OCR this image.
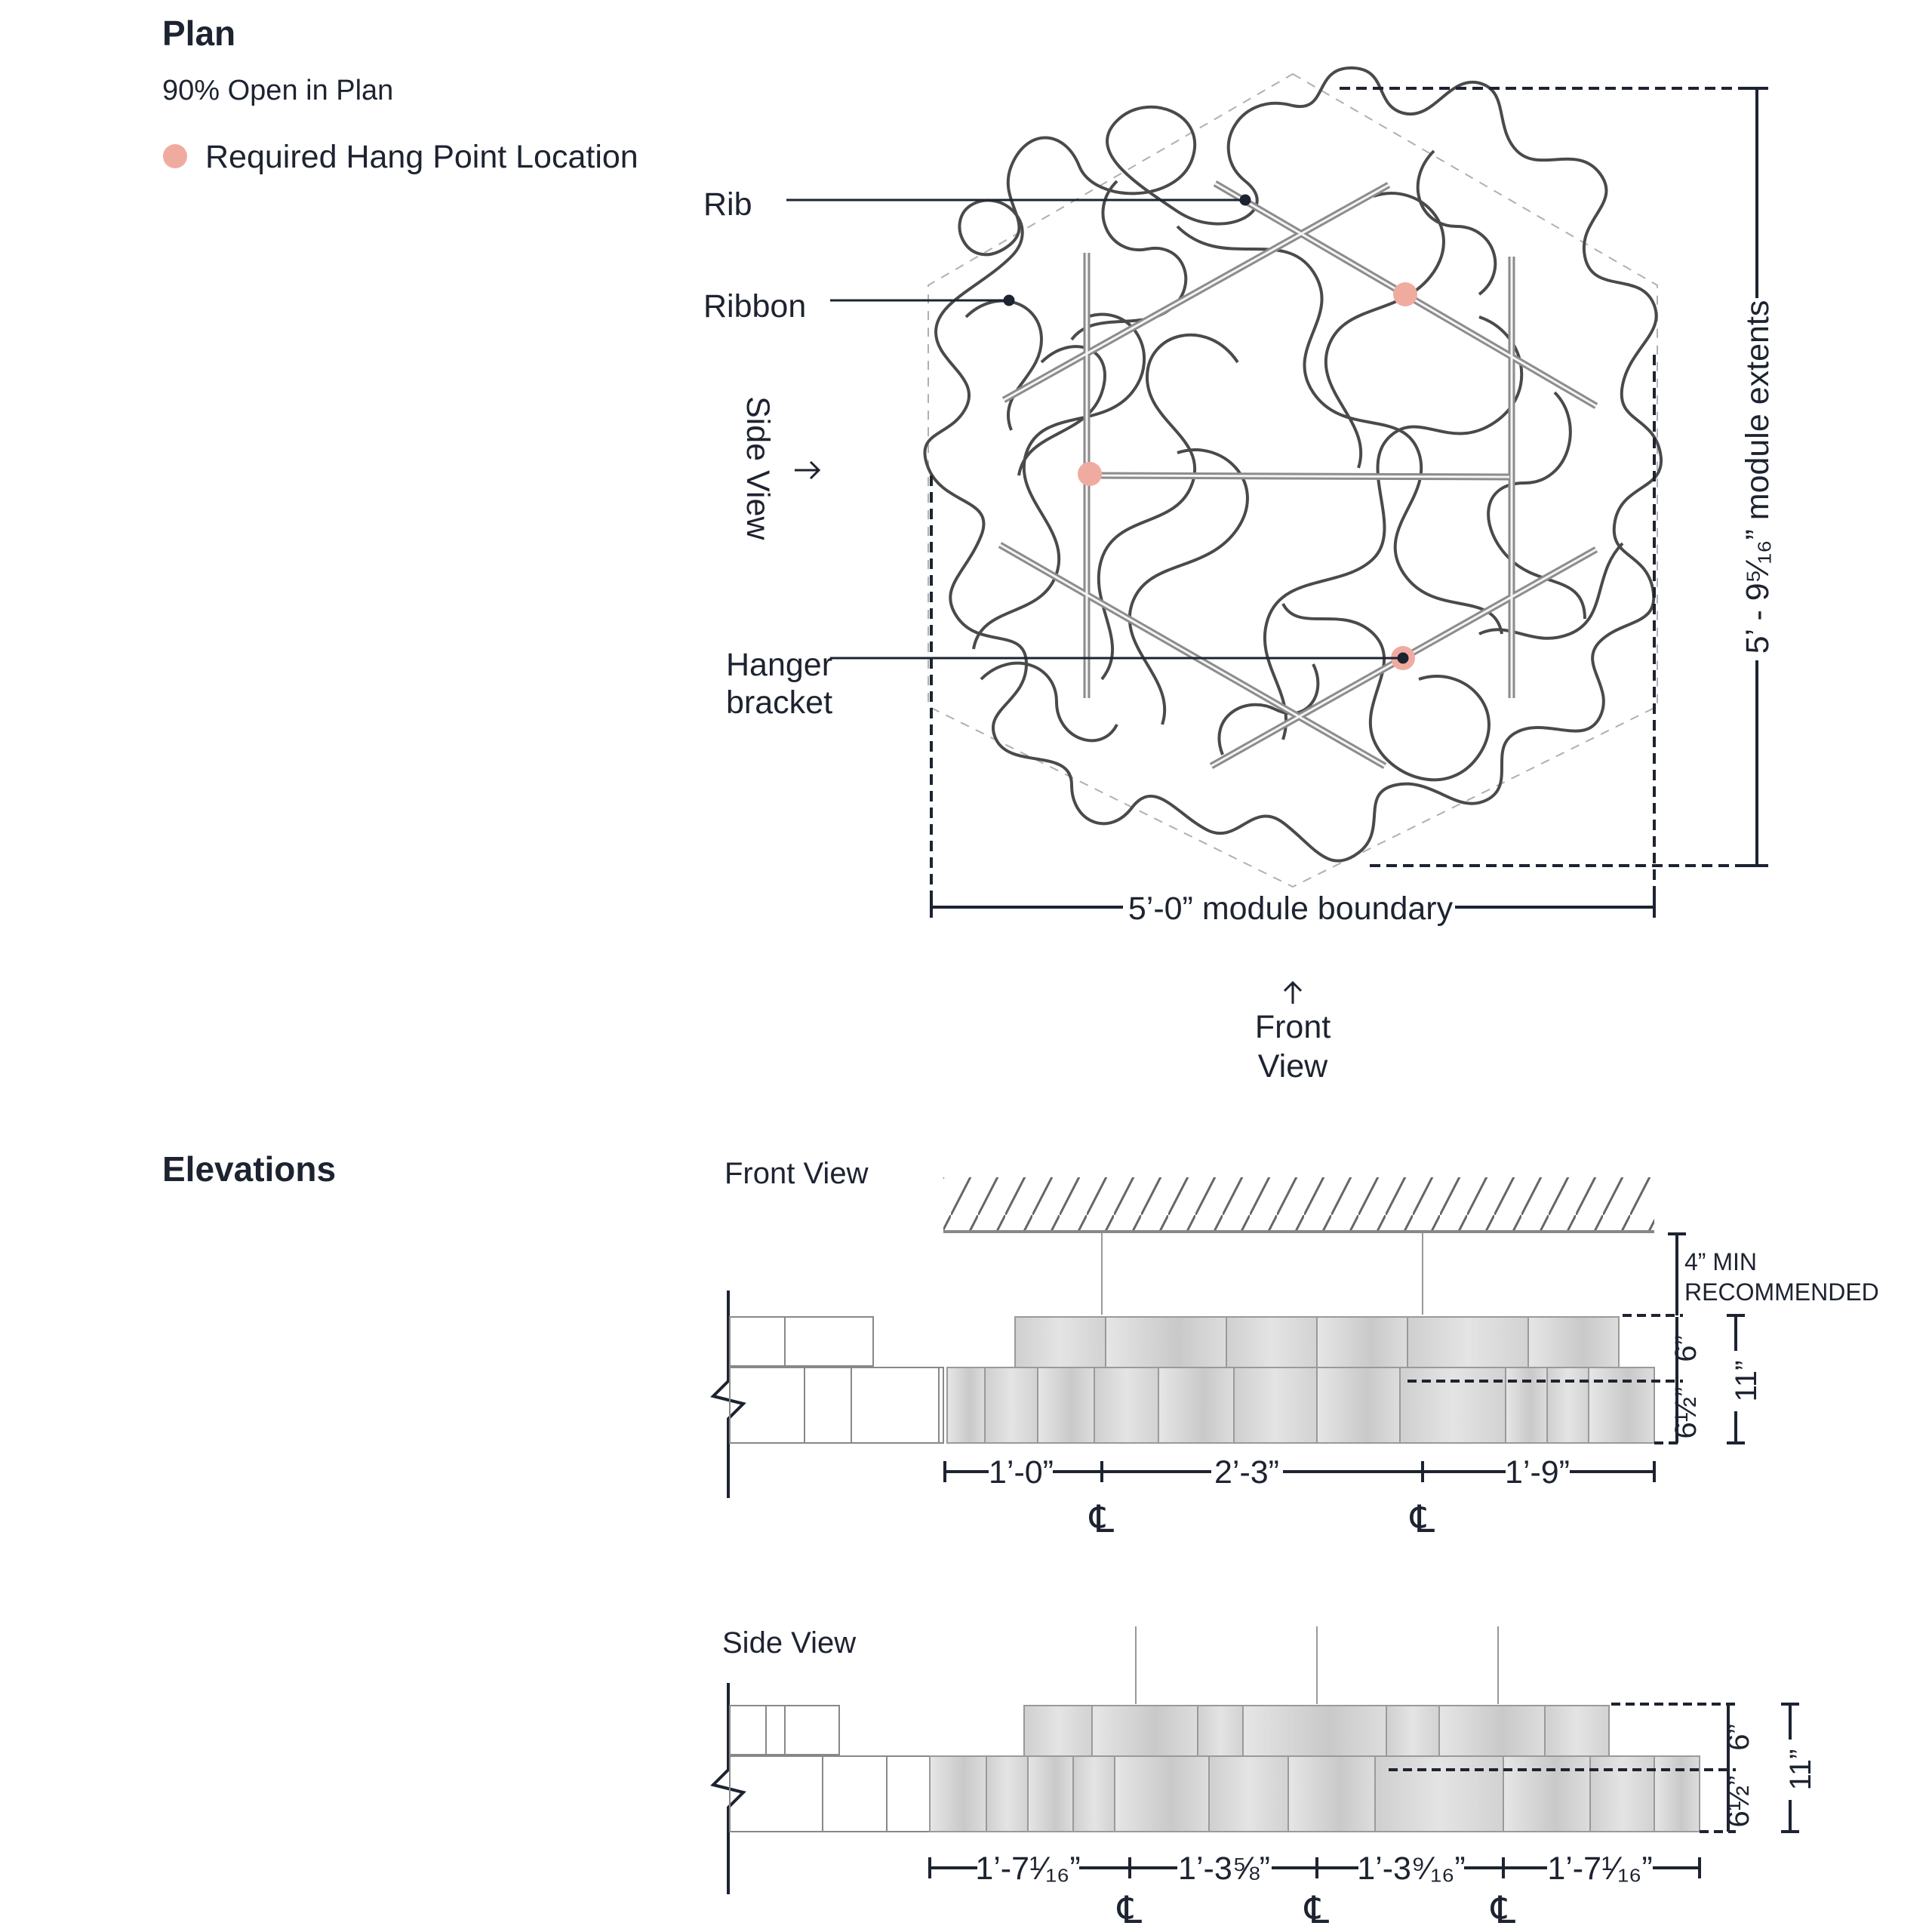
Plan
90% Open in Plan
Required Hang Point Location
Rib
Ribbon
Hanger
bracket
Side View	5’ - 9⁵⁄₁₆” module extents
5’-0” module boundary
Front
View
Elevations	Front View
4” MIN
RECOMMENDED
6”
6½”
11”
1’-0”	2’-3”	1’-9”
℄	℄
Side View
6”
6½”
11”
1’-7¹⁄₁₆”	1’-3⅝”	1’-3⁹⁄₁₆”	1’-7¹⁄₁₆”
℄	℄	℄
